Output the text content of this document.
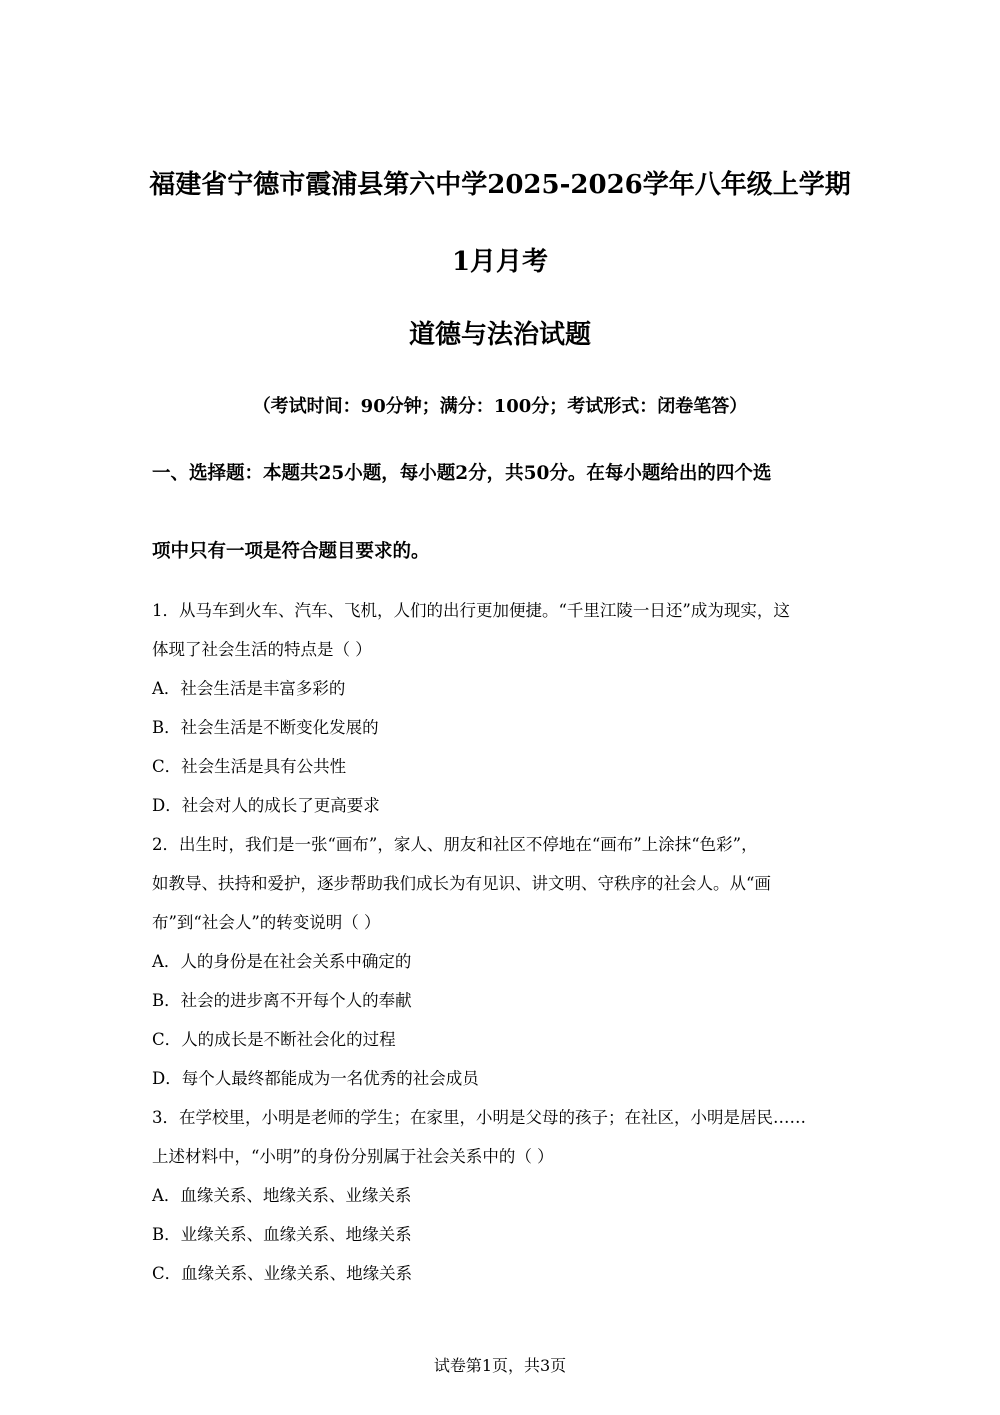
福建省宁德市霞浦县第六中学2025-2026学年八年级上学期
1月月考
道德与法治试题
（考试时间：90分钟；满分：100分；考试形式：闭卷笔答）
一、选择题：本题共25小题，每小题2分，共50分。在每小题给出的四个选
项中只有一项是符合题目要求的。
1．从马车到火车、汽车、飞机，人们的出行更加便捷。“千里江陵一日还”成为现实，这
体现了社会生活的特点是（ ）
A．社会生活是丰富多彩的
B．社会生活是不断变化发展的
C．社会生活是具有公共性
D．社会对人的成长了更高要求
2．出生时，我们是一张“画布”，家人、朋友和社区不停地在“画布”上涂抹“色彩”，
如教导、扶持和爱护，逐步帮助我们成长为有见识、讲文明、守秩序的社会人。从“画
布”到“社会人”的转变说明（ ）
A．人的身份是在社会关系中确定的
B．社会的进步离不开每个人的奉献
C．人的成长是不断社会化的过程
D．每个人最终都能成为一名优秀的社会成员
3．在学校里，小明是老师的学生；在家里，小明是父母的孩子；在社区，小明是居民……
上述材料中，“小明”的身份分别属于社会关系中的（ ）
A．血缘关系、地缘关系、业缘关系
B．业缘关系、血缘关系、地缘关系
C．血缘关系、业缘关系、地缘关系
试卷第1页，共3页
